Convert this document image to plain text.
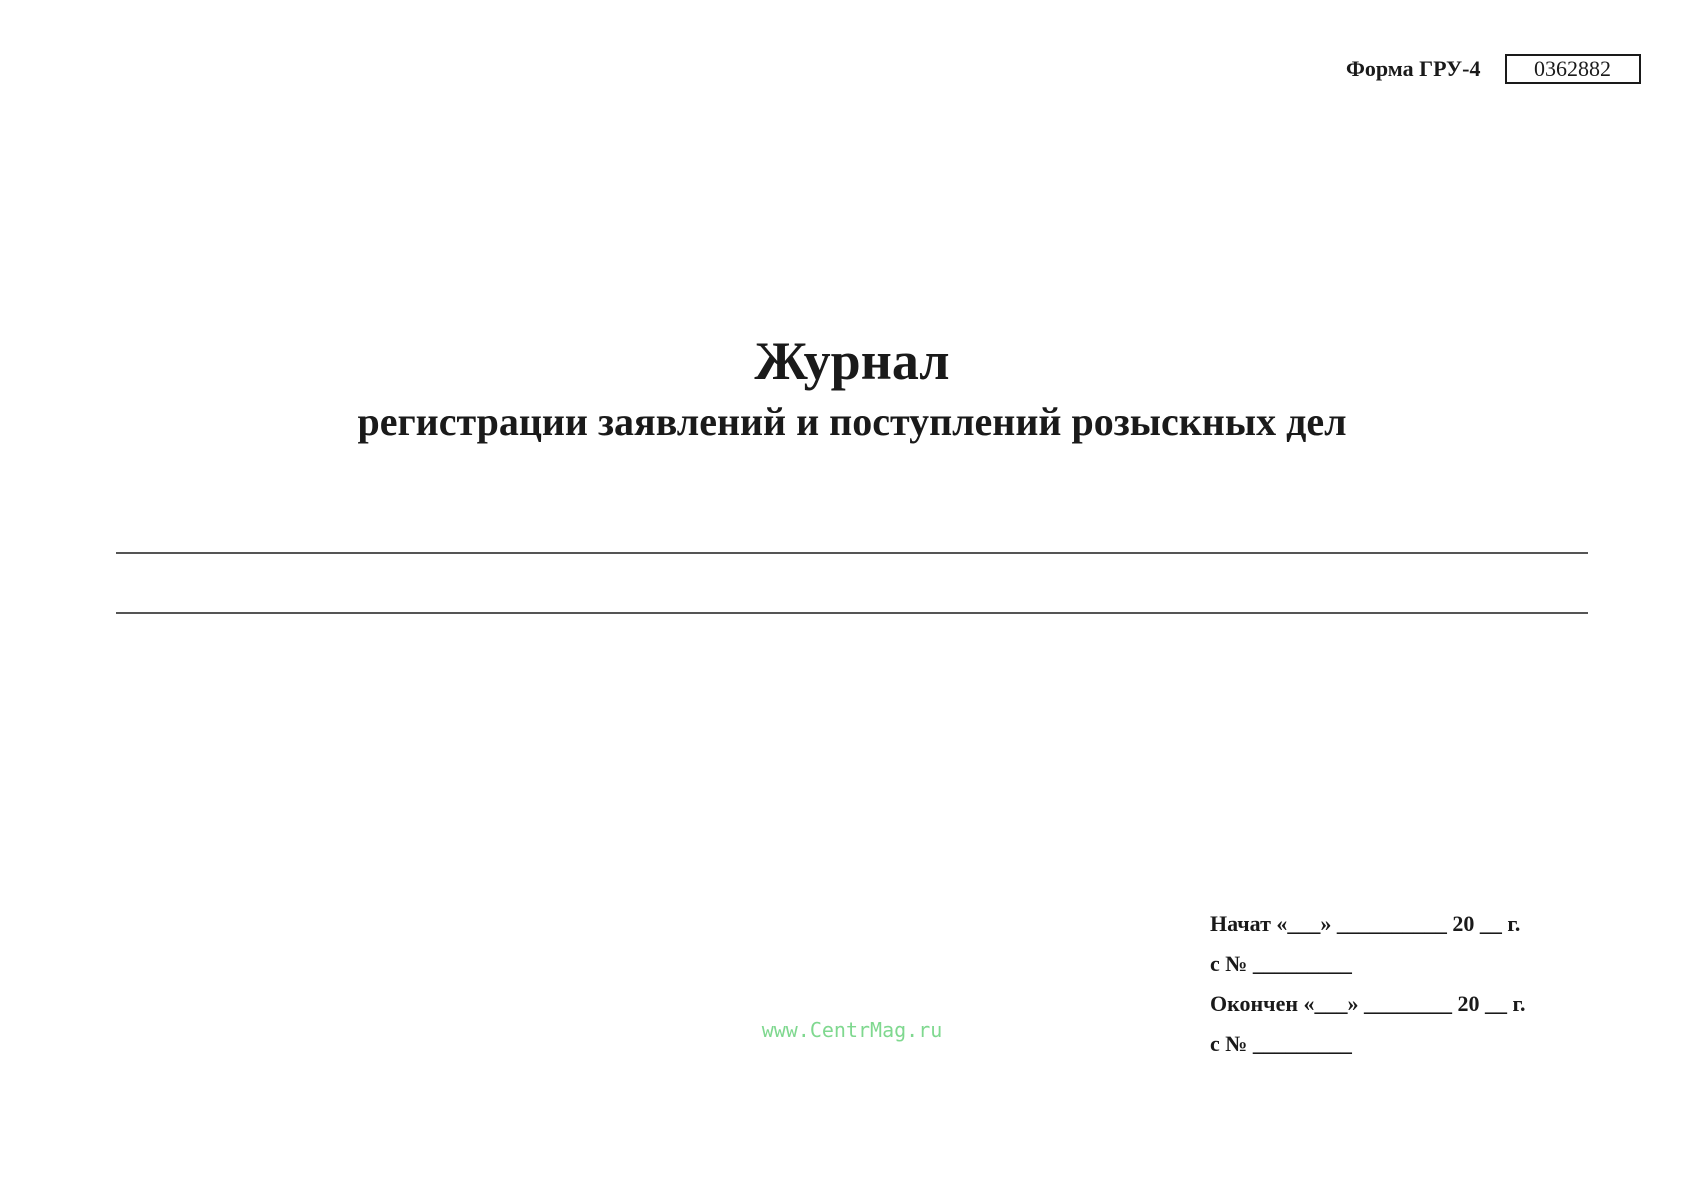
Форма ГРУ-4	0362882
Журнал
регистрации заявлений и поступлений розыскных дел
Начат «___» __________ 20 __ г.
с № _________
Окончен «___» ________ 20 __ г.
с № _________
www.CentrMag.ru
